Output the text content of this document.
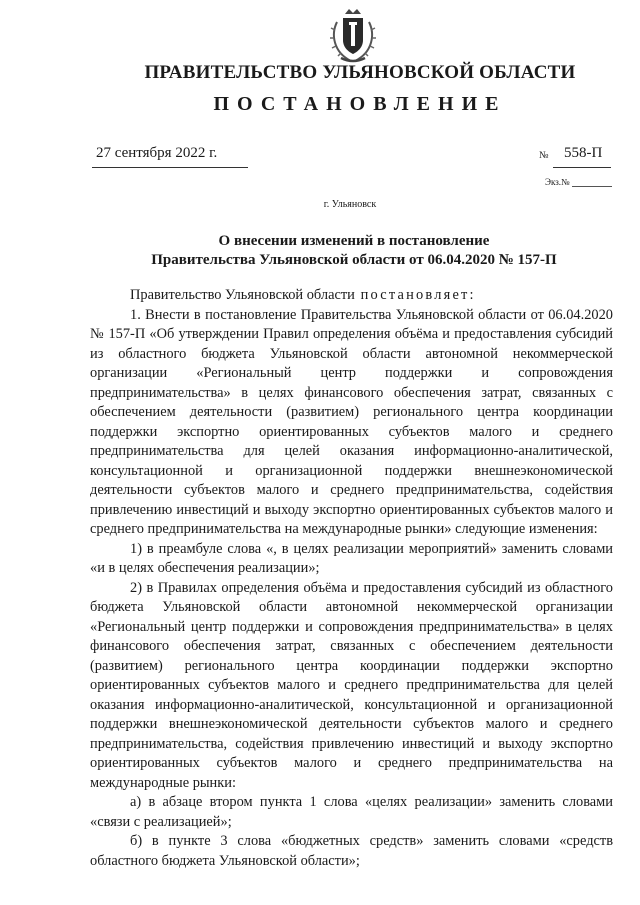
ПРАВИТЕЛЬСТВО УЛЬЯНОВСКОЙ ОБЛАСТИ
ПОСТАНОВЛЕНИЕ
27 сентября 2022 г.	№ 558-П
Экз.№
г. Ульяновск
О внесении изменений в постановление
Правительства Ульяновской области от 06.04.2020 № 157-П

Правительство Ульяновской области постановляет:

1. Внести в постановление Правительства Ульяновской области от 06.04.2020 № 157-П «Об утверждении Правил определения объёма и предоставления субсидий из областного бюджета Ульяновской области автономной некоммерческой организации «Региональный центр поддержки и сопровождения предпринимательства» в целях финансового обеспечения затрат, связанных с обеспечением деятельности (развитием) регионального центра координации поддержки экспортно ориентированных субъектов малого и среднего предпринимательства для целей оказания информационно-аналитической, консультационной и организационной поддержки внешнеэкономической деятельности субъектов малого и среднего предпринимательства, содействия привлечению инвестиций и выходу экспортно ориентированных субъектов малого и среднего предпринимательства на международные рынки» следующие изменения:

1) в преамбуле слова «, в целях реализации мероприятий» заменить словами «и в целях обеспечения реализации»;

2) в Правилах определения объёма и предоставления субсидий из областного бюджета Ульяновской области автономной некоммерческой организации «Региональный центр поддержки и сопровождения предпринимательства» в целях финансового обеспечения затрат, связанных с обеспечением деятельности (развитием) регионального центра координации поддержки экспортно ориентированных субъектов малого и среднего предпринимательства для целей оказания информационно-аналитической, консультационной и организационной поддержки внешнеэкономической деятельности субъектов малого и среднего предпринимательства, содействия привлечению инвестиций и выходу экспортно ориентированных субъектов малого и среднего предпринимательства на международные рынки:

а) в абзаце втором пункта 1 слова «целях реализации» заменить словами «связи с реализацией»;

б) в пункте 3 слова «бюджетных средств» заменить словами «средств областного бюджета Ульяновской области»;
